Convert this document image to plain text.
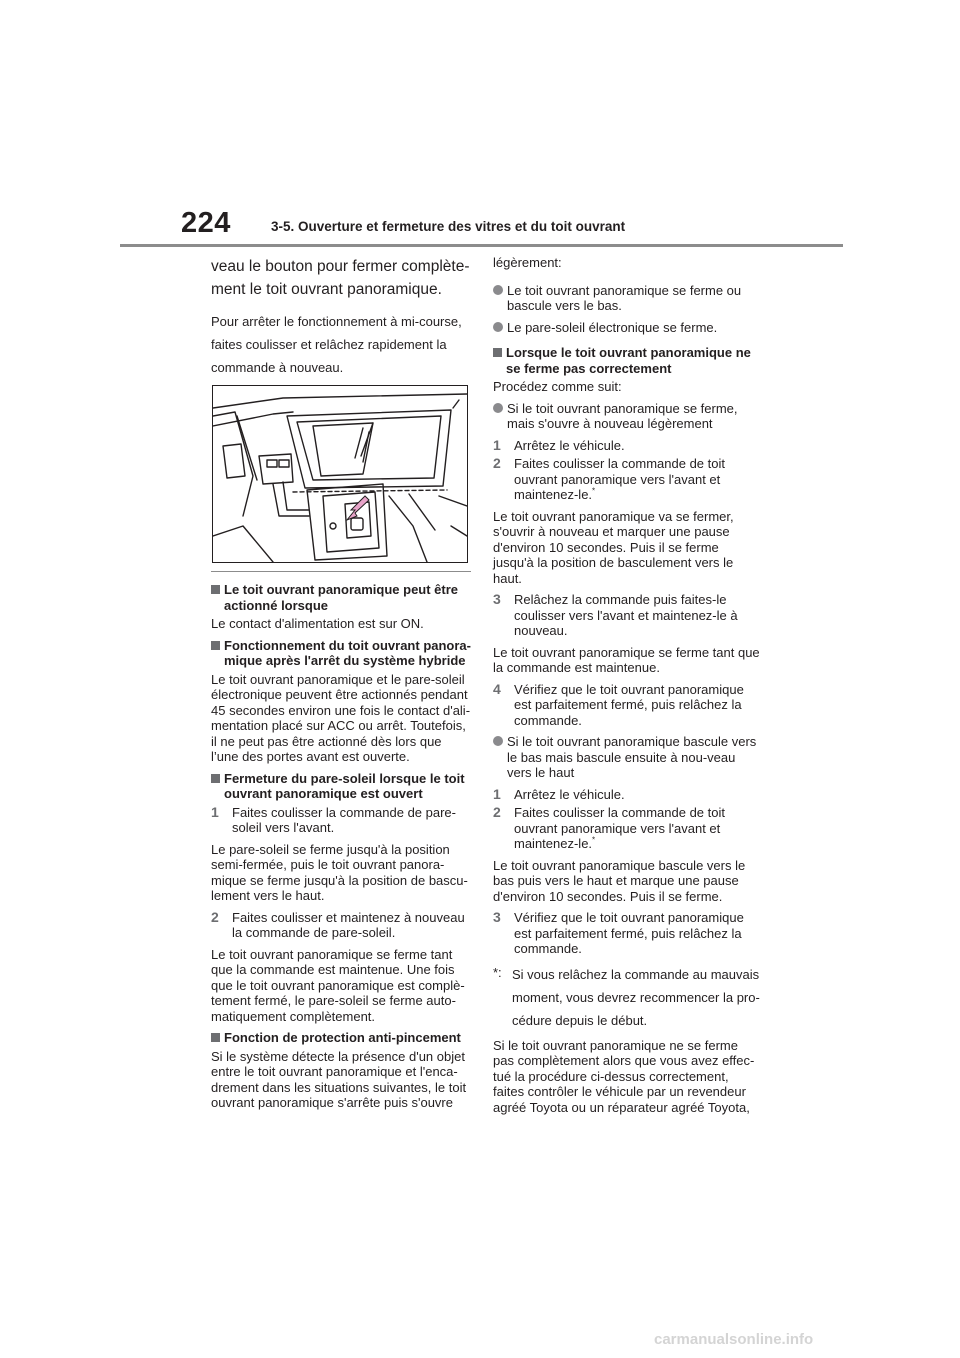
224	3-5. Ouverture et fermeture des vitres et du toit ouvrant

veau le bouton pour fermer complète-ment le toit ouvrant panoramique.

Pour arrêter le fonctionnement à mi-course, faites coulisser et relâchez rapidement la commande à nouveau.

Le toit ouvrant panoramique peut être actionné lorsque

Le contact d'alimentation est sur ON.

Fonctionnement du toit ouvrant panora-mique après l'arrêt du système hybride

Le toit ouvrant panoramique et le pare-soleil électronique peuvent être actionnés pendant 45 secondes environ une fois le contact d'ali-mentation placé sur ACC ou arrêt. Toutefois, il ne peut pas être actionné dès lors que l’une des portes avant est ouverte.

Fermeture du pare-soleil lorsque le toit ouvrant panoramique est ouvert

1 Faites coulisser la commande de pare-soleil vers l'avant.

Le pare-soleil se ferme jusqu'à la position semi-fermée, puis le toit ouvrant panora-mique se ferme jusqu'à la position de bascu-lement vers le haut.

2 Faites coulisser et maintenez à nouveau la commande de pare-soleil.

Le toit ouvrant panoramique se ferme tant que la commande est maintenue. Une fois que le toit ouvrant panoramique est complè-tement fermé, le pare-soleil se ferme auto-matiquement complètement.

Fonction de protection anti-pincement

Si le système détecte la présence d'un objet entre le toit ouvrant panoramique et l'enca-drement dans les situations suivantes, le toit ouvrant panoramique s'arrête puis s'ouvre

légèrement:

Le toit ouvrant panoramique se ferme ou bascule vers le bas.

Le pare-soleil électronique se ferme.

Lorsque le toit ouvrant panoramique ne se ferme pas correctement

Procédez comme suit:

Si le toit ouvrant panoramique se ferme, mais s'ouvre à nouveau légèrement

1 Arrêtez le véhicule.

2 Faites coulisser la commande de toit ouvrant panoramique vers l'avant et maintenez-le.*

Le toit ouvrant panoramique va se fermer, s'ouvrir à nouveau et marquer une pause d'environ 10 secondes. Puis il se ferme jusqu'à la position de basculement vers le haut.

3 Relâchez la commande puis faites-le coulisser vers l'avant et maintenez-le à nouveau.

Le toit ouvrant panoramique se ferme tant que la commande est maintenue.

4 Vérifiez que le toit ouvrant panoramique est parfaitement fermé, puis relâchez la commande.

Si le toit ouvrant panoramique bascule vers le bas mais bascule ensuite à nou-veau vers le haut

1 Arrêtez le véhicule.

2 Faites coulisser la commande de toit ouvrant panoramique vers l'avant et maintenez-le.*

Le toit ouvrant panoramique bascule vers le bas puis vers le haut et marque une pause d'environ 10 secondes. Puis il se ferme.

3 Vérifiez que le toit ouvrant panoramique est parfaitement fermé, puis relâchez la commande.

*: Si vous relâchez la commande au mauvais moment, vous devrez recommencer la pro-cédure depuis le début.

Si le toit ouvrant panoramique ne se ferme pas complètement alors que vous avez effec-tué la procédure ci-dessus correctement, faites contrôler le véhicule par un revendeur agréé Toyota ou un réparateur agréé Toyota,

carmanualsonline.info
